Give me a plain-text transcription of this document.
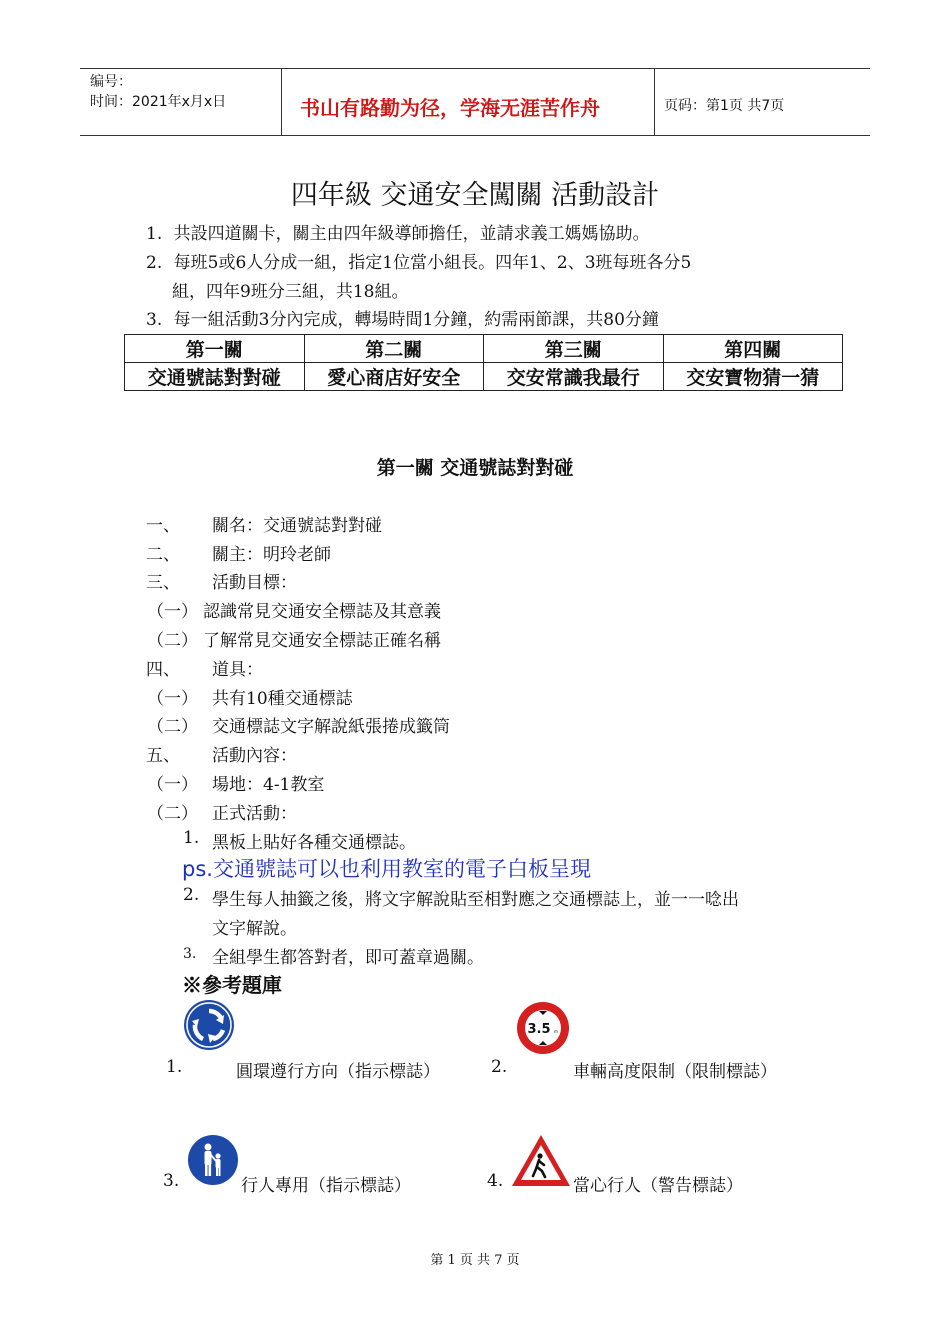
编号：
时间：2021年x月x日	书山有路勤为径，学海无涯苦作舟	页码：第1页 共7页
四年級 交通安全闖關 活動設計
1. 共設四道關卡，關主由四年級導師擔任，並請求義工媽媽協助。
2. 每班5或6人分成一組，指定1位當小組長。四年1、2、3班每班各分5
組，四年9班分三組，共18組。
3. 每一組活動3分內完成，轉場時間1分鐘，約需兩節課，共80分鐘
第一關	第二關	第三關	第四關
交通號誌對對碰	愛心商店好安全	交安常識我最行	交安寶物猜一猜
第一關 交通號誌對對碰
一、 關名：交通號誌對對碰
二、 關主：明玲老師
三、 活動目標：
（一） 認識常見交通安全標誌及其意義
（二） 了解常見交通安全標誌正確名稱
四、 道具：
（一） 共有10種交通標誌
（二） 交通標誌文字解說紙張捲成籤筒
五、 活動內容：
（一） 場地：4-1教室
（二） 正式活動：
1. 黑板上貼好各種交通標誌。
ps.交通號誌可以也利用教室的電子白板呈現
2. 學生每人抽籤之後，將文字解說貼至相對應之交通標誌上，並一一唸出
文字解說。
3. 全組學生都答對者，即可蓋章過關。
※參考題庫
1.	圓環遵行方向（指示標誌）
3.5 m
2.	車輛高度限制（限制標誌）
3.	行人專用（指示標誌）	4.	當心行人（警告標誌）
第 1 页 共 7 页
